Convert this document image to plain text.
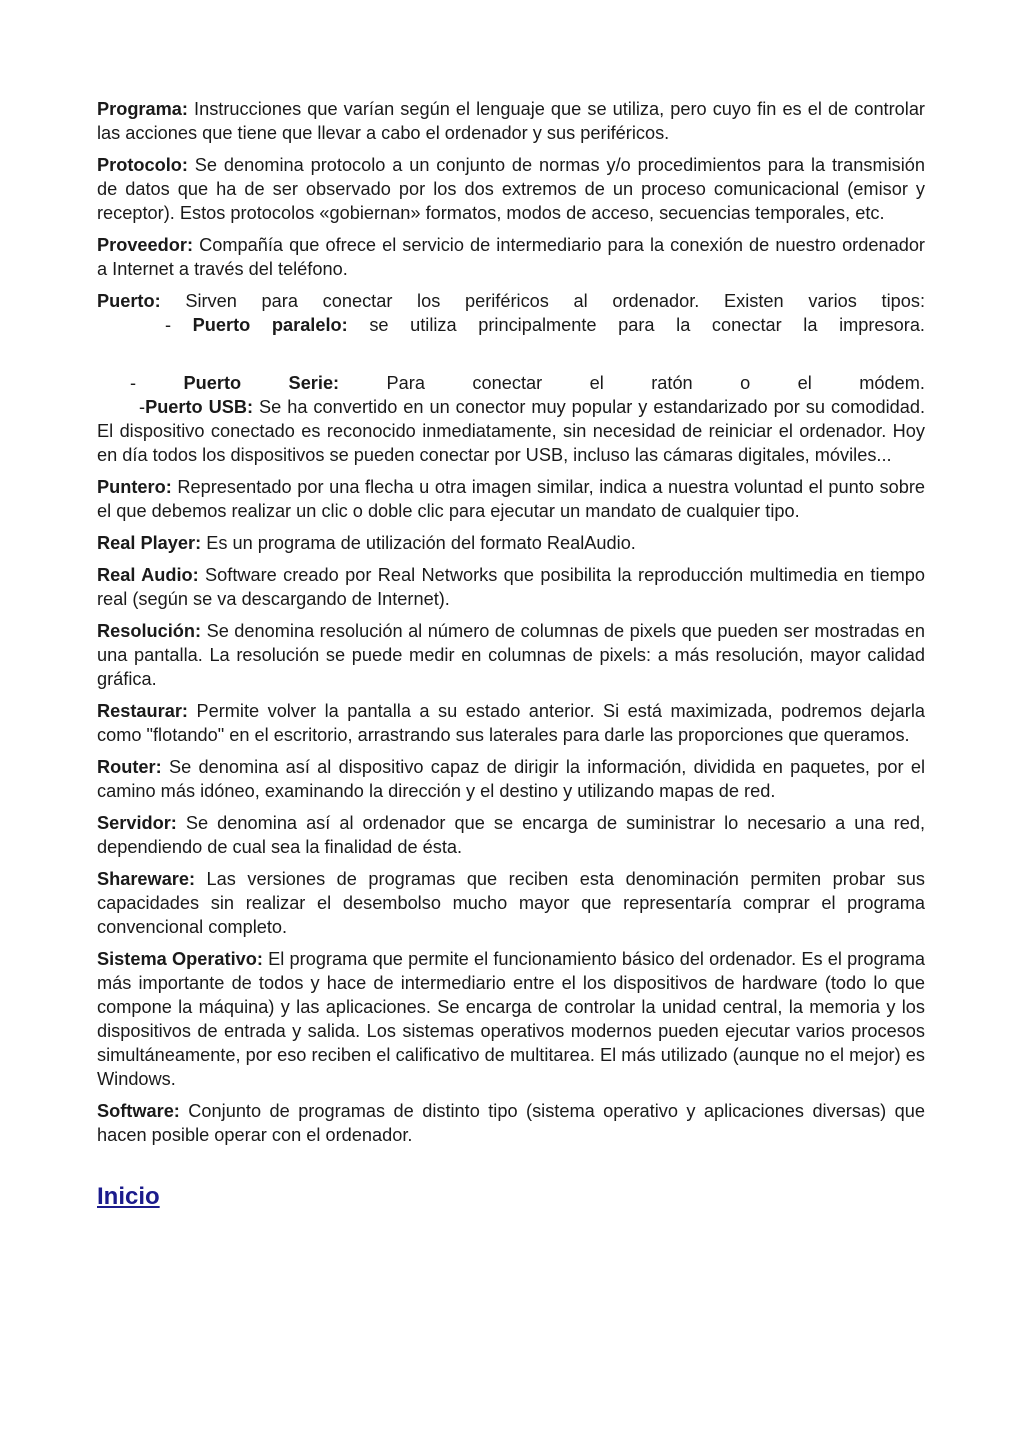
Programa: Instrucciones que varían según el lenguaje que se utiliza, pero cuyo fin es el de controlar las acciones que tiene que llevar a cabo el ordenador y sus periféricos.

Protocolo: Se denomina protocolo a un conjunto de normas y/o procedimientos para la transmisión de datos que ha de ser observado por los dos extremos de un proceso comunicacional (emisor y receptor). Estos protocolos «gobiernan» formatos, modos de acceso, secuencias temporales, etc.

Proveedor: Compañía que ofrece el servicio de intermediario para la conexión de nuestro ordenador a Internet a través del teléfono.

Puerto: Sirven para conectar los periféricos al ordenador. Existen varios tipos:

- Puerto paralelo: se utiliza principalmente para la conectar la impresora.

- Puerto Serie: Para conectar el ratón o el módem.

-Puerto USB: Se ha convertido en un conector muy popular y estandarizado por su comodidad. El dispositivo conectado es reconocido inmediatamente, sin necesidad de reiniciar el ordenador. Hoy en día todos los dispositivos se pueden conectar por USB, incluso las cámaras digitales, móviles...

Puntero: Representado por una flecha u otra imagen similar, indica a nuestra voluntad el punto sobre el que debemos realizar un clic o doble clic para ejecutar un mandato de cualquier tipo.

Real Player: Es un programa de utilización del formato RealAudio.

Real Audio: Software creado por Real Networks que posibilita la reproducción multimedia en tiempo real (según se va descargando de Internet).

Resolución: Se denomina resolución al número de columnas de pixels que pueden ser mostradas en una pantalla. La resolución se puede medir en columnas de pixels: a más resolución, mayor calidad gráfica.

Restaurar: Permite volver la pantalla a su estado anterior. Si está maximizada, podremos dejarla como "flotando" en el escritorio, arrastrando sus laterales para darle las proporciones que queramos.

Router: Se denomina así al dispositivo capaz de dirigir la información, dividida en paquetes, por el camino más idóneo, examinando la dirección y el destino y utilizando mapas de red.

Servidor: Se denomina así al ordenador que se encarga de suministrar lo necesario a una red, dependiendo de cual sea la finalidad de ésta.

Shareware: Las versiones de programas que reciben esta denominación permiten probar sus capacidades sin realizar el desembolso mucho mayor que representaría comprar el programa convencional completo.

Sistema Operativo: El programa que permite el funcionamiento básico del ordenador. Es el programa más importante de todos y hace de intermediario entre el los dispositivos de hardware (todo lo que compone la máquina) y las aplicaciones. Se encarga de controlar la unidad central, la memoria y los dispositivos de entrada y salida. Los sistemas operativos modernos pueden ejecutar varios procesos simultáneamente, por eso reciben el calificativo de multitarea. El más utilizado (aunque no el mejor) es Windows.

Software: Conjunto de programas de distinto tipo (sistema operativo y aplicaciones diversas) que hacen posible operar con el ordenador.

Inicio
